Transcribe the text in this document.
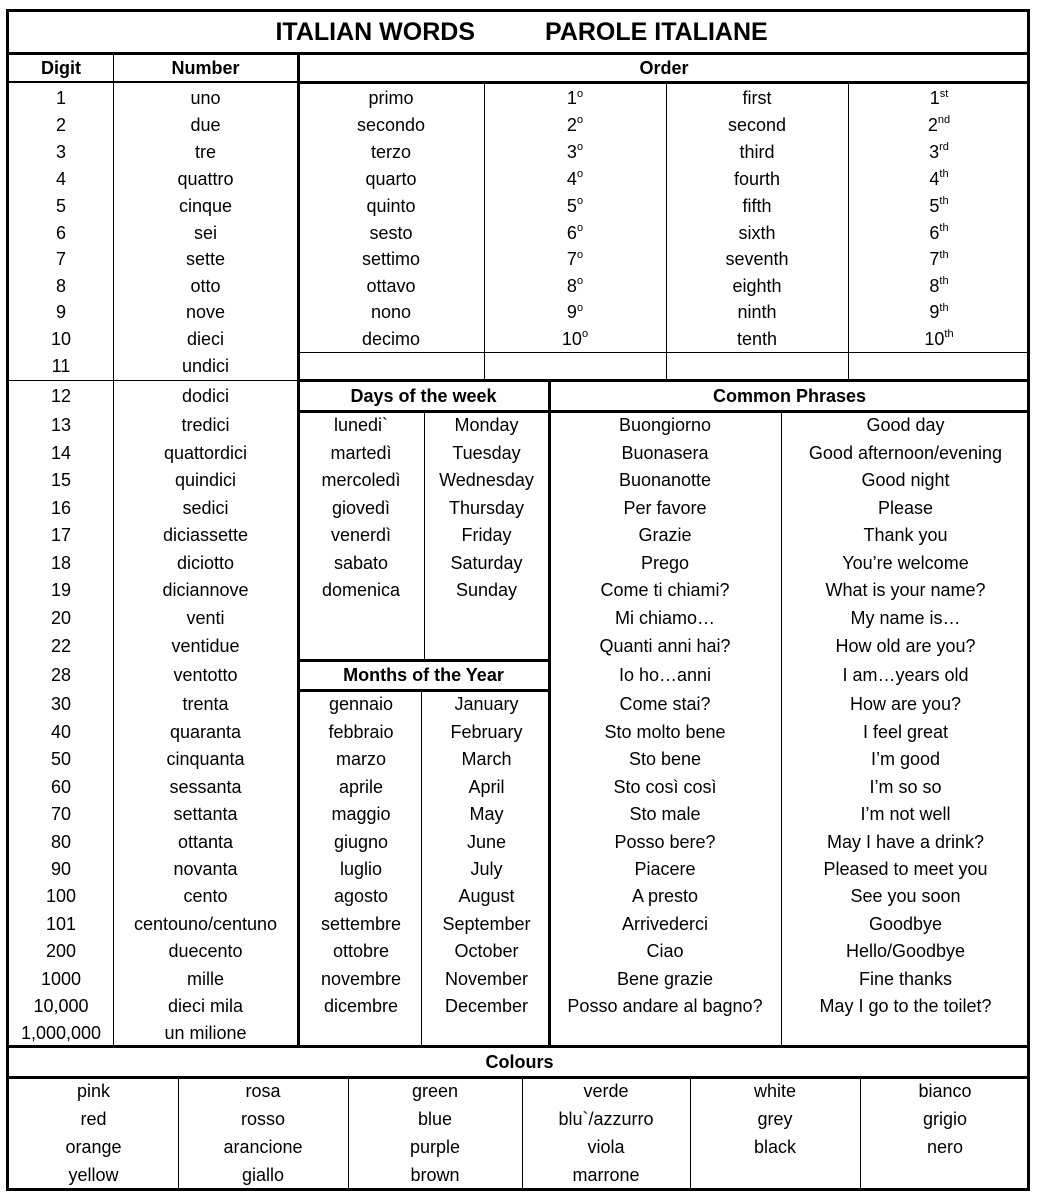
ITALIAN WORDS	PAROLE ITALIANE
Digit	Number	Order
1	uno
2	due
3	tre
4	quattro
5	cinque
6	sei
7	sette
8	otto
9	nove
10	dieci
11	undici
12	dodici
13	tredici
14	quattordici
15	quindici
16	sedici
17	diciassette
18	diciotto
19	diciannove
20	venti
22	ventidue
28	ventotto
30	trenta
40	quaranta
50	cinquanta
60	sessanta
70	settanta
80	ottanta
90	novanta
100	cento
101	centouno/centuno
200	duecento
1000	mille
10,000	dieci mila
1,000,000	un milione
primo	1$^o$	first	1st
secondo	2$^o$	second	2nd
terzo	3$^o$	third	3rd
quarto	4$^o$	fourth	4th
quinto	5$^o$	fifth	5th
sesto	6$^o$	sixth	6th
settimo	7$^o$	seventh	7th
ottavo	8$^o$	eighth	8th
nono	9$^o$	ninth	9th
decimo	10$^o$	tenth	10th
Days of the week	Common Phrases
lunedi`	Monday
martedì	Tuesday
mercoledì	Wednesday
giovedì	Thursday
venerdì	Friday
sabato	Saturday
domenica	Sunday
Months of the Year
gennaio	January
febbraio	February
marzo	March
aprile	April
maggio	May
giugno	June
luglio	July
agosto	August
settembre	September
ottobre	October
novembre	November
dicembre	December
Buongiorno	Good day
Buonasera	Good afternoon/evening
Buonanotte	Good night
Per favore	Please
Grazie	Thank you
Prego	You’re welcome
Come ti chiami?	What is your name?
Mi chiamo…	My name is…
Quanti anni hai?	How old are you?
Io ho…anni	I am…years old
Come stai?	How are you?
Sto molto bene	I feel great
Sto bene	I’m good
Sto così così	I’m so so
Sto male	I’m not well
Posso bere?	May I have a drink?
Piacere	Pleased to meet you
A presto	See you soon
Arrivederci	Goodbye
Ciao	Hello/Goodbye
Bene grazie	Fine thanks
Posso andare al bagno?	May I go to the toilet?
Colours
pink	rosa	green	verde	white	bianco
red	rosso	blue	blu`/azzurro	grey	grigio
orange	arancione	purple	viola	black	nero
yellow	giallo	brown	marrone
